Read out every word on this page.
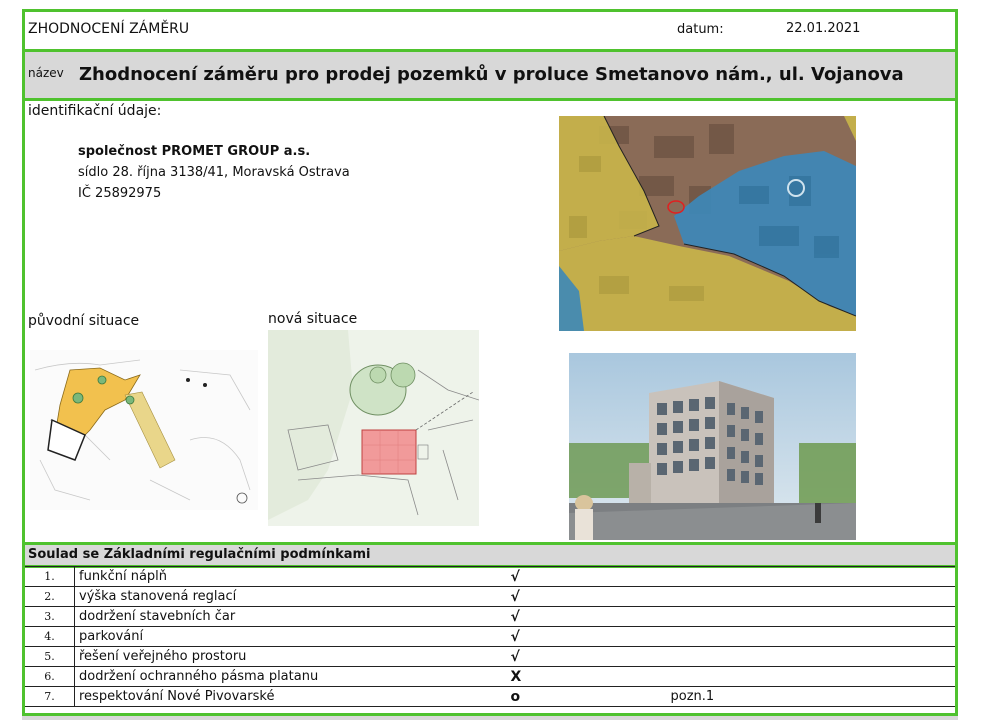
ZHODNOCENÍ ZÁMĚRU	datum:	22.01.2021
název Zhodnocení záměru pro prodej pozemků v proluce Smetanovo nám., ul. Vojanova
identifikační údaje:
společnost PROMET GROUP a.s.
sídlo 28. října 3138/41, Moravská Ostrava
IČ 25892975
původní situace	nová situace
Soulad se Základními regulačními podmínkami
1.	funkční náplň	√	
2.	výška stanovená reglací	√	
3.	dodržení stavebních čar	√	
4.	parkování	√	
5.	řešení veřejného prostoru	√	
6.	dodržení ochranného pásma platanu	X	
7.	respektování Nové Pivovarské	o	pozn.1
